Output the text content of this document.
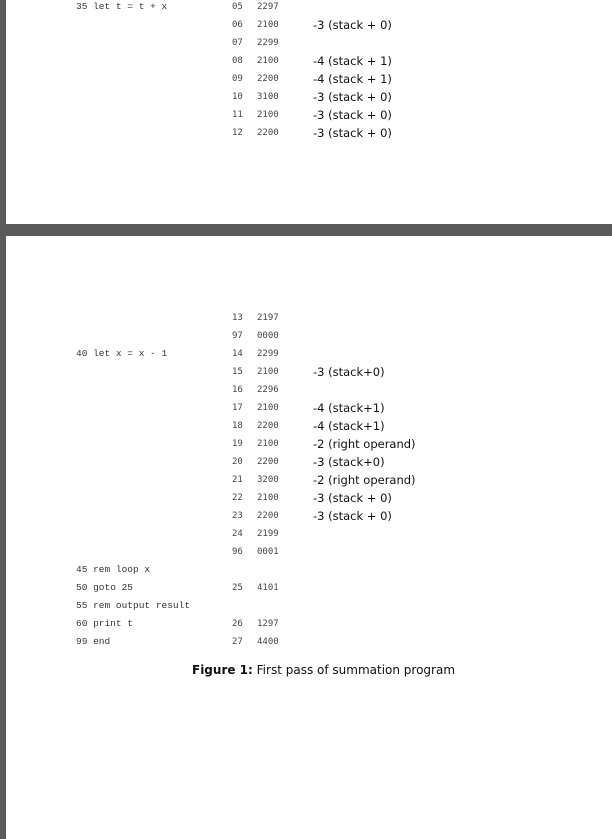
35 let t = t + x	05 2297
06 2100	-3 (stack + 0)
07 2299
08 2100	-4 (stack + 1)
09 2200	-4 (stack + 1)
10 3100	-3 (stack + 0)
11 2100	-3 (stack + 0)
12 2200	-3 (stack + 0)
13 2197
97 0000
40 let x = x - 1	14 2299
15 2100	-3 (stack+0)
16 2296
17 2100	-4 (stack+1)
18 2200	-4 (stack+1)
19 2100	-2 (right operand)
20 2200	-3 (stack+0)
21 3200	-2 (right operand)
22 2100	-3 (stack + 0)
23 2200	-3 (stack + 0)
24 2199
96 0001
45 rem loop x
50 goto 25	25 4101
55 rem output result
60 print t	26 1297
99 end	27 4400
Figure 1: First pass of summation program
